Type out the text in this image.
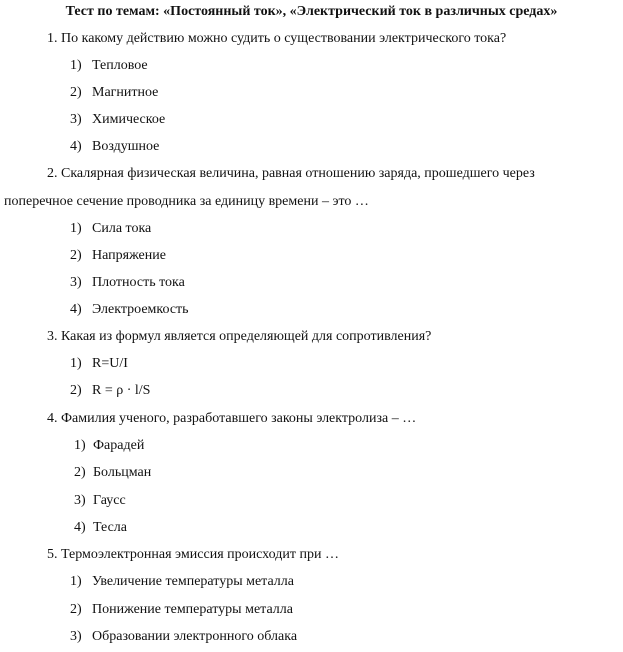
Тест по темам: «Постоянный ток», «Электрический ток в различных средах»
1. По какому действию можно судить о существовании электрического тока?
1) Тепловое
2) Магнитное
3) Химическое
4) Воздушное
2. Скалярная физическая величина, равная отношению заряда, прошедшего через
поперечное сечение проводника за единицу времени – это …
1) Сила тока
2) Напряжение
3) Плотность тока
4) Электроемкость
3. Какая из формул является определяющей для сопротивления?
1) R=U/I
2) R = ρ · l/S
4. Фамилия ученого, разработавшего законы электролиза – …
1) Фарадей
2) Больцман
3) Гаусс
4) Тесла
5. Термоэлектронная эмиссия происходит при …
1) Увеличение температуры металла
2) Понижение температуры металла
3) Образовании электронного облака
